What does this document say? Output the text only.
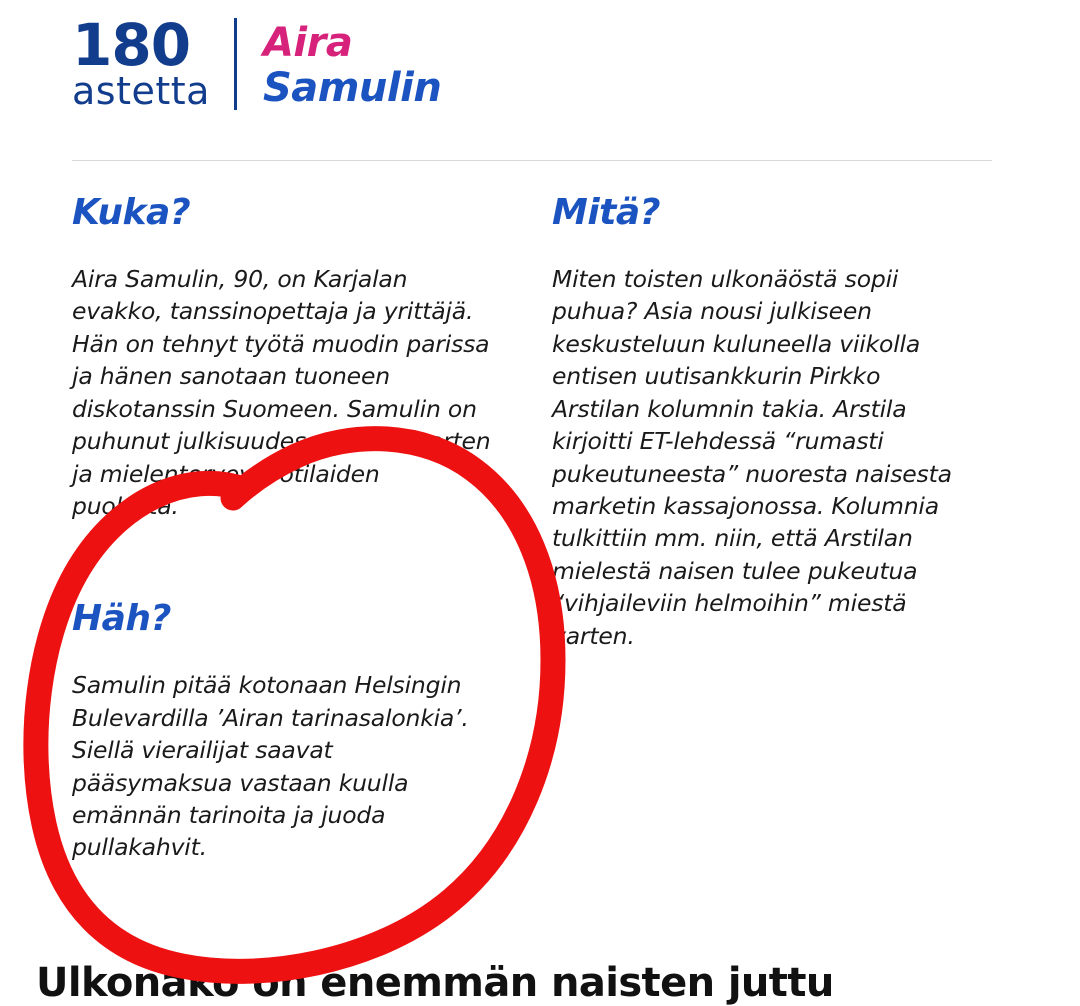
180
astetta
Aira
Samulin
Kuka?

Aira Samulin, 90, on Karjalan evakko, tanssinopettaja ja yrittäjä. Hän on tehnyt työtä muodin parissa ja hänen sanotaan tuoneen diskotanssin Suomeen. Samulin on puhunut julkisuudessa mm. nuorten ja mielenterveyspotilaiden puolesta.

Häh?

Samulin pitää kotonaan Helsingin Bulevardilla ’Airan tarinasalonkia’. Siellä vierailijat saavat pääsymaksua vastaan kuulla emännän tarinoita ja juoda pullakahvit.

Mitä?

Miten toisten ulkonäöstä sopii puhua? Asia nousi julkiseen keskusteluun kuluneella viikolla entisen uutisankkurin Pirkko Arstilan kolumnin takia. Arstila kirjoitti ET-lehdessä “rumasti pukeutuneesta” nuoresta naisesta marketin kassajonossa. Kolumnia tulkittiin mm. niin, että Arstilan mielestä naisen tulee pukeutua “vihjaileviin helmoihin” miestä varten.

Ulkonäkö on enemmän naisten juttu
